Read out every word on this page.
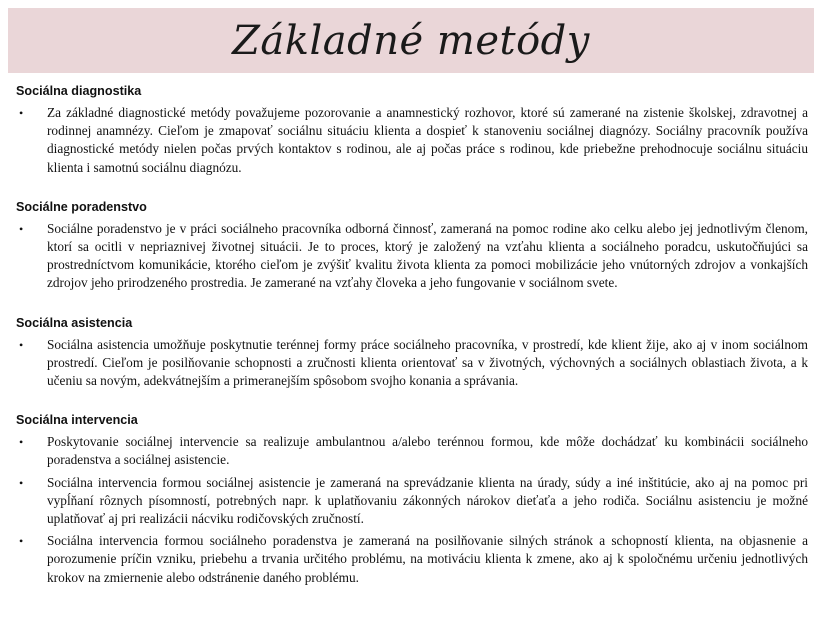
Základné metódy
Sociálna diagnostika
• Za základné diagnostické metódy považujeme pozorovanie a anamnestický rozhovor, ktoré sú zamerané na zistenie školskej, zdravotnej a rodinnej anamnézy. Cieľom je zmapovať sociálnu situáciu klienta a dospieť k stanoveniu sociálnej diagnózy. Sociálny pracovník používa diagnostické metódy nielen počas prvých kontaktov s rodinou, ale aj počas práce s rodinou, kde priebežne prehodnocuje sociálnu situáciu klienta i samotnú sociálnu diagnózu.
Sociálne poradenstvo
• Sociálne poradenstvo je v práci sociálneho pracovníka odborná činnosť, zameraná na pomoc rodine ako celku alebo jej jednotlivým členom, ktorí sa ocitli v nepriaznivej životnej situácii. Je to proces, ktorý je založený na vzťahu klienta a sociálneho poradcu, uskutočňujúci sa prostredníctvom komunikácie, ktorého cieľom je zvýšiť kvalitu života klienta za pomoci mobilizácie jeho vnútorných zdrojov a vonkajších zdrojov jeho prirodzeného prostredia. Je zamerané na vzťahy človeka a jeho fungovanie v sociálnom svete.
Sociálna asistencia
• Sociálna asistencia umožňuje poskytnutie terénnej formy práce sociálneho pracovníka, v prostredí, kde klient žije, ako aj v inom sociálnom prostredí. Cieľom je posilňovanie schopnosti a zručnosti klienta orientovať sa v životných, výchovných a sociálnych oblastiach života, a k učeniu sa novým, adekvátnejším a primeranejším spôsobom svojho konania a správania.
Sociálna intervencia
• Poskytovanie sociálnej intervencie sa realizuje ambulantnou a/alebo terénnou formou, kde môže dochádzať ku kombinácii sociálneho poradenstva a sociálnej asistencie.
• Sociálna intervencia formou sociálnej asistencie je zameraná na sprevádzanie klienta na úrady, súdy a iné inštitúcie, ako aj na pomoc pri vypĺňaní rôznych písomností, potrebných napr. k uplatňovaniu zákonných nárokov dieťaťa a jeho rodiča. Sociálnu asistenciu je možné uplatňovať aj pri realizácii nácviku rodičovských zručností.
• Sociálna intervencia formou sociálneho poradenstva je zameraná na posilňovanie silných stránok a schopností klienta, na objasnenie a porozumenie príčin vzniku, priebehu a trvania určitého problému, na motiváciu klienta k zmene, ako aj k spoločnému určeniu jednotlivých krokov na zmiernenie alebo odstránenie daného problému.
